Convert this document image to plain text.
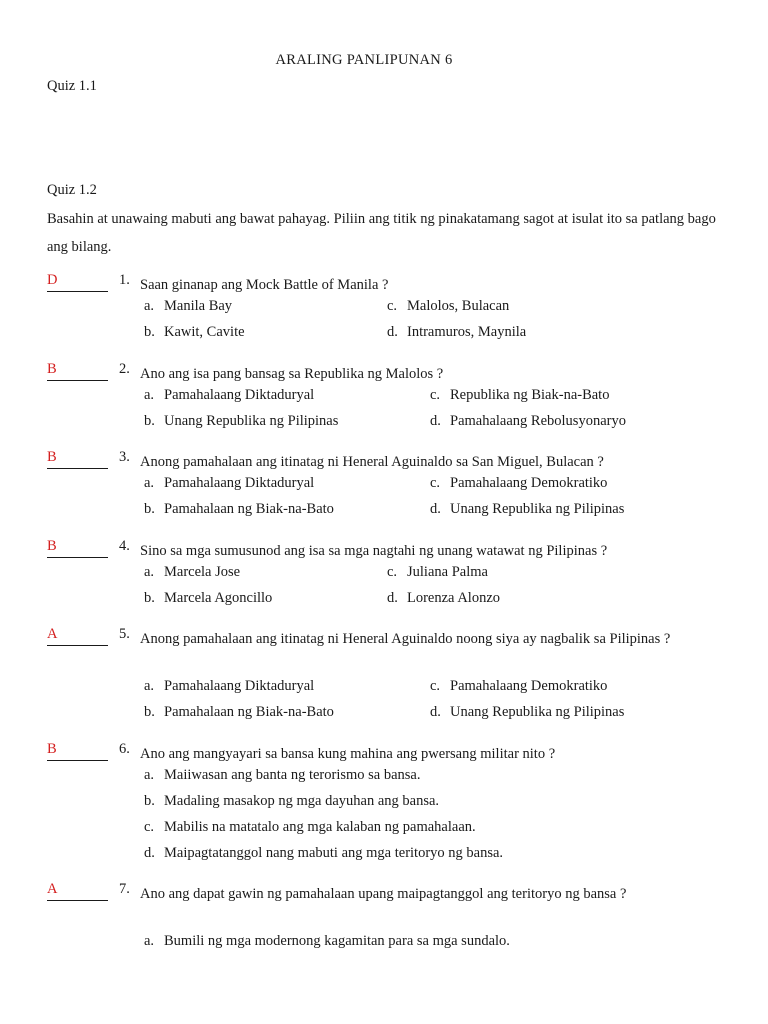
ARALING PANLIPUNAN 6
Quiz 1.1
Quiz 1.2
Basahin at unawaing mabuti ang bawat pahayag. Piliin ang titik ng pinakatamang sagot at isulat ito sa patlang bago ang bilang.
D	1. Saan ginanap ang Mock Battle of Manila ?
a. Manila Bay
b. Kawit, Cavite
c. Malolos, Bulacan
d. Intramuros, Maynila
B	2. Ano ang isa pang bansag sa Republika ng Malolos ?
a. Pamahalaang Diktaduryal
b. Unang Republika ng Pilipinas
c. Republika ng Biak-na-Bato
d. Pamahalaang Rebolusyonaryo
B	3. Anong pamahalaan ang itinatag ni Heneral Aguinaldo sa San Miguel, Bulacan ?
a. Pamahalaang Diktaduryal
b. Pamahalaan ng Biak-na-Bato
c. Pamahalaang Demokratiko
d. Unang Republika ng Pilipinas
B	4. Sino sa mga sumusunod ang isa sa mga nagtahi ng unang watawat ng Pilipinas ?
a. Marcela Jose
b. Marcela Agoncillo
c. Juliana Palma
d. Lorenza Alonzo
A	5. Anong pamahalaan ang itinatag ni Heneral Aguinaldo noong siya ay nagbalik sa Pilipinas ?
a. Pamahalaang Diktaduryal
b. Pamahalaan ng Biak-na-Bato
c. Pamahalaang Demokratiko
d. Unang Republika ng Pilipinas
B	6. Ano ang mangyayari sa bansa kung mahina ang pwersang militar nito ?
a. Maiiwasan ang banta ng terorismo sa bansa.
b. Madaling masakop ng mga dayuhan ang bansa.
c. Mabilis na matatalo ang mga kalaban ng pamahalaan.
d. Maipagtatanggol nang mabuti ang mga teritoryo ng bansa.
A	7. Ano ang dapat gawin ng pamahalaan upang maipagtanggol ang teritoryo ng bansa ?
a. Bumili ng mga modernong kagamitan para sa mga sundalo.
